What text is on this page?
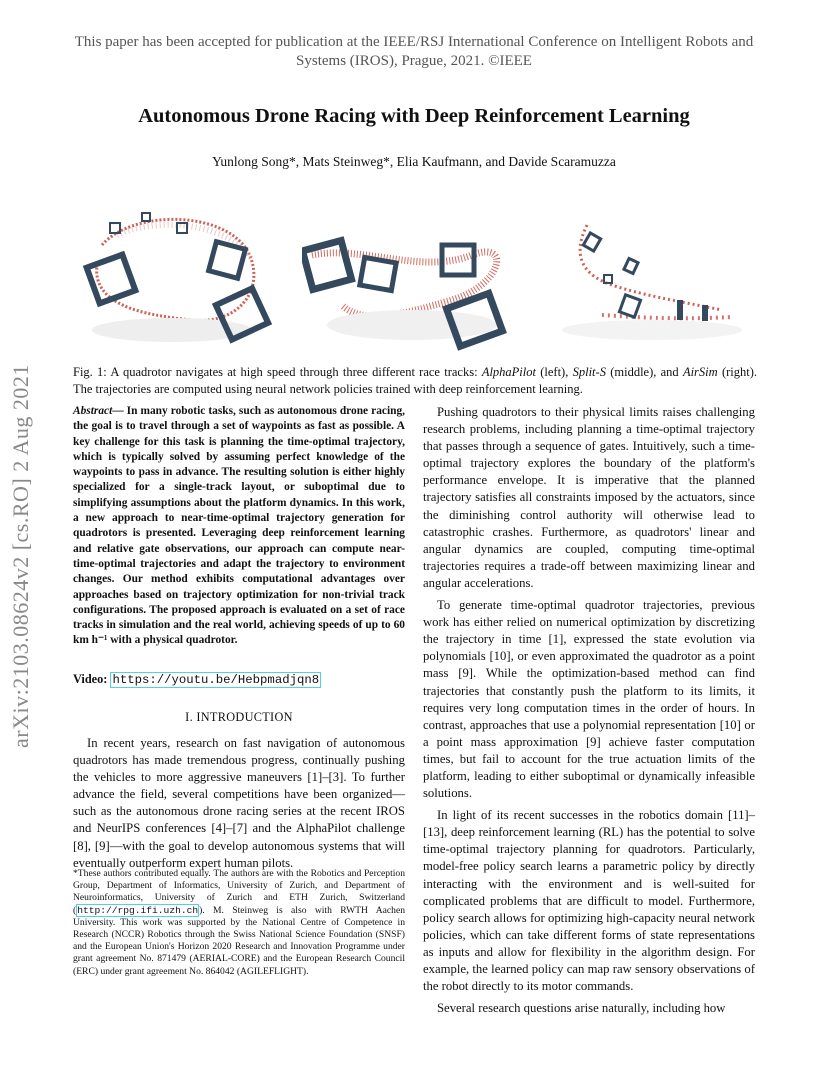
This paper has been accepted for publication at the IEEE/RSJ International Conference on Intelligent Robots and Systems (IROS), Prague, 2021. ©IEEE
Autonomous Drone Racing with Deep Reinforcement Learning
Yunlong Song*, Mats Steinweg*, Elia Kaufmann, and Davide Scaramuzza
arXiv:2103.08624v2 [cs.RO] 2 Aug 2021	Fig. 1: A quadrotor navigates at high speed through three different race tracks: AlphaPilot (left), Split-S (middle), and AirSim (right). The trajectories are computed using neural network policies trained with deep reinforcement learning.
Abstract— In many robotic tasks, such as autonomous drone racing, the goal is to travel through a set of waypoints as fast as possible. A key challenge for this task is planning the time-optimal trajectory, which is typically solved by assuming perfect knowledge of the waypoints to pass in advance. The resulting solution is either highly specialized for a single-track layout, or suboptimal due to simplifying assumptions about the platform dynamics. In this work, a new approach to near-time-optimal trajectory generation for quadrotors is presented. Leveraging deep reinforcement learning and relative gate observations, our approach can compute near-time-optimal trajectories and adapt the trajectory to environment changes. Our method exhibits computational advantages over approaches based on trajectory optimization for non-trivial track configurations. The proposed approach is evaluated on a set of race tracks in simulation and the real world, achieving speeds of up to 60 km h⁻¹ with a physical quadrotor.
Video: https://youtu.be/Hebpmadjqn8
I. INTRODUCTION

In recent years, research on fast navigation of autonomous quadrotors has made tremendous progress, continually pushing the vehicles to more aggressive maneuvers [1]–[3]. To further advance the field, several competitions have been organized—such as the autonomous drone racing series at the recent IROS and NeurIPS conferences [4]–[7] and the AlphaPilot challenge [8], [9]—with the goal to develop autonomous systems that will eventually outperform expert human pilots.

*These authors contributed equally. The authors are with the Robotics and Perception Group, Department of Informatics, University of Zurich, and Department of Neuroinformatics, University of Zurich and ETH Zurich, Switzerland (http://rpg.ifi.uzh.ch). M. Steinweg is also with RWTH Aachen University. This work was supported by the National Centre of Competence in Research (NCCR) Robotics through the Swiss National Science Foundation (SNSF) and the European Union's Horizon 2020 Research and Innovation Programme under grant agreement No. 871479 (AERIAL-CORE) and the European Research Council (ERC) under grant agreement No. 864042 (AGILEFLIGHT).

Pushing quadrotors to their physical limits raises challenging research problems, including planning a time-optimal trajectory that passes through a sequence of gates. Intuitively, such a time-optimal trajectory explores the boundary of the platform's performance envelope. It is imperative that the planned trajectory satisfies all constraints imposed by the actuators, since the diminishing control authority will otherwise lead to catastrophic crashes. Furthermore, as quadrotors' linear and angular dynamics are coupled, computing time-optimal trajectories requires a trade-off between maximizing linear and angular accelerations.

To generate time-optimal quadrotor trajectories, previous work has either relied on numerical optimization by discretizing the trajectory in time [1], expressed the state evolution via polynomials [10], or even approximated the quadrotor as a point mass [9]. While the optimization-based method can find trajectories that constantly push the platform to its limits, it requires very long computation times in the order of hours. In contrast, approaches that use a polynomial representation [10] or a point mass approximation [9] achieve faster computation times, but fail to account for the true actuation limits of the platform, leading to either suboptimal or dynamically infeasible solutions.

In light of its recent successes in the robotics domain [11]–[13], deep reinforcement learning (RL) has the potential to solve time-optimal trajectory planning for quadrotors. Particularly, model-free policy search learns a parametric policy by directly interacting with the environment and is well-suited for complicated problems that are difficult to model. Furthermore, policy search allows for optimizing high-capacity neural network policies, which can take different forms of state representations as inputs and allow for flexibility in the algorithm design. For example, the learned policy can map raw sensory observations of the robot directly to its motor commands.

Several research questions arise naturally, including how
